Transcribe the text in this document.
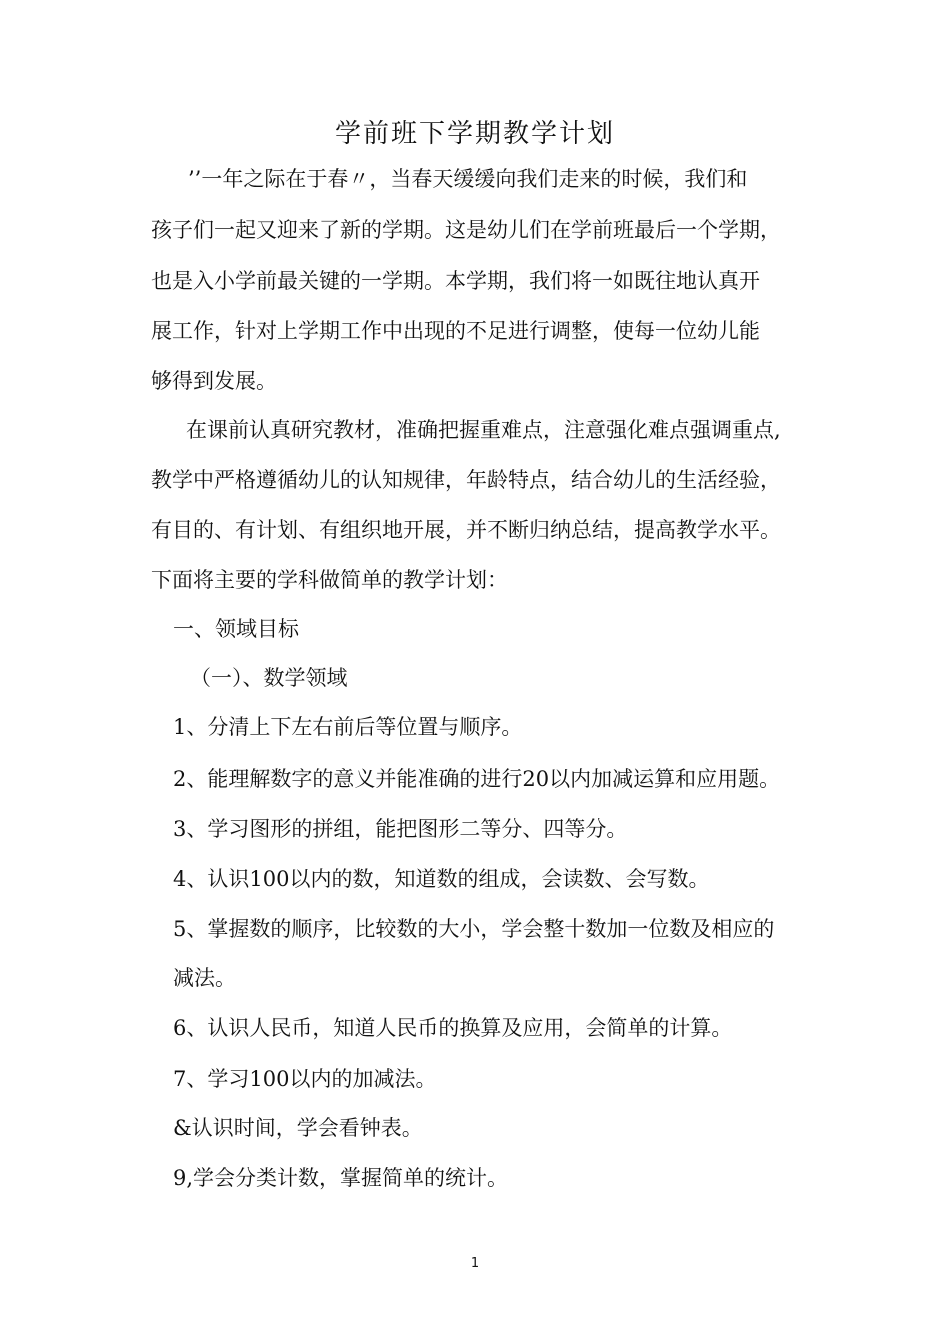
学前班下学期教学计划
’’一年之际在于春〃，当春天缓缓向我们走来的时候，我们和
孩子们一起又迎来了新的学期。这是幼儿们在学前班最后一个学期，
也是入小学前最关键的一学期。本学期，我们将一如既往地认真开
展工作，针对上学期工作中出现的不足进行调整，使每一位幼儿能
够得到发展。
在课前认真研究教材，准确把握重难点，注意强化难点强调重点,
教学中严格遵循幼儿的认知规律，年龄特点，结合幼儿的生活经验，
有目的、有计划、有组织地开展，并不断归纳总结，提高教学水平。
下面将主要的学科做简单的教学计划：
一、领域目标
（一）、数学领域
1、分清上下左右前后等位置与顺序。
2、能理解数字的意义并能准确的进行20以内加减运算和应用题。
3、学习图形的拼组，能把图形二等分、四等分。
4、认识100以内的数，知道数的组成，会读数、会写数。
5、掌握数的顺序，比较数的大小，学会整十数加一位数及相应的
减法。
6、认识人民币，知道人民币的换算及应用，会简单的计算。
7、学习100以内的加减法。
&认识时间，学会看钟表。
9,学会分类计数，掌握简单的统计。
1
